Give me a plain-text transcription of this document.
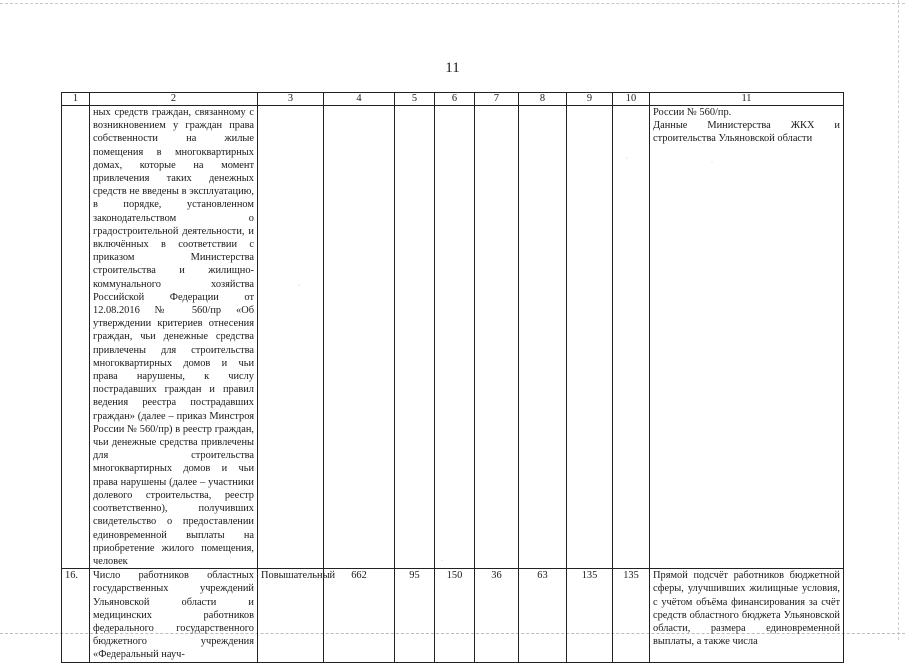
11
1	2	3	4	5	6	7	8	9	10	11
	ных средств граждан, связанному с возникновением у граждан права собственности на жилые помещения в многоквартирных домах, которые на момент привлечения таких денежных средств не введены в эксплуатацию, в порядке, установленном законодательством о градостроительной деятельности, и включённых в соответствии с приказом Министерства строительства и жилищно-коммунального хозяйства Российской Федерации от 12.08.2016 № 560/пр «Об утверждении критериев отнесения граждан, чьи денежные средства привлечены для строительства многоквартирных домов и чьи права нарушены, к числу пострадавших граждан и правил ведения реестра пострадавших граждан» (далее – приказ Минстроя России № 560/пр) в реестр граждан, чьи денежные средства привлечены для строительства многоквартирных домов и чьи права нарушены (далее – участники долевого строительства, реестр соответственно), получивших свидетельство о предоставлении единовременной выплаты на приобретение жилого помещения, человек									России № 560/пр.
Данные Министерства ЖКХ и строительства Ульяновской области
16.	Число работников областных государственных учреждений Ульяновской области и медицинских работников федерального государственного бюджетного учреждения «Федеральный науч-	Повышательный	662	95	150	36	63	135	135	Прямой подсчёт работников бюджетной сферы, улучшивших жилищные условия, с учётом объёма финансирования за счёт средств областного бюджета Ульяновской области, размера единовременной выплаты, а также числа
·
·
·
·
·
